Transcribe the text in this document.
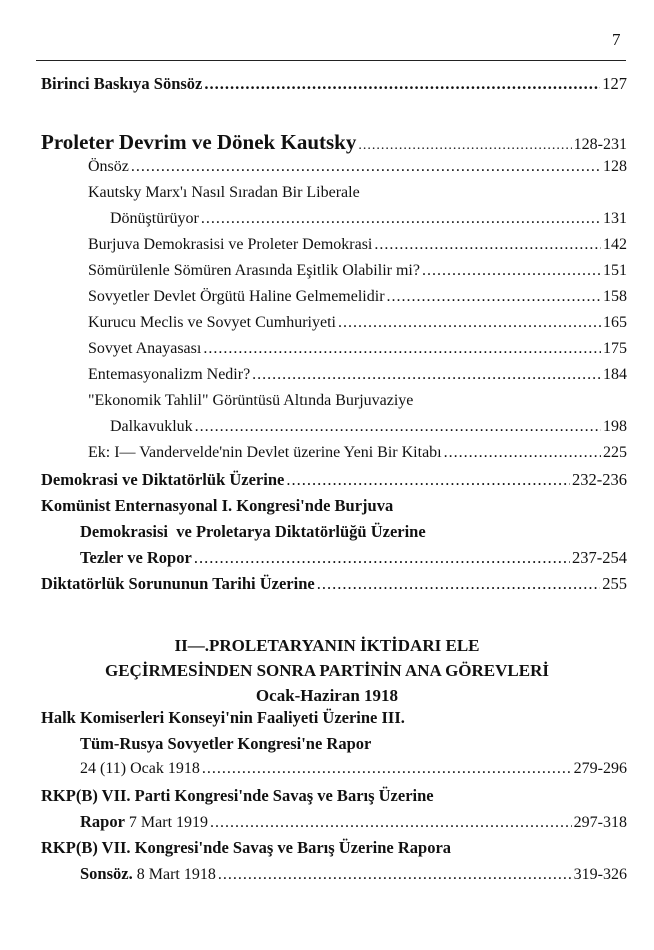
7
Birinci Baskıya Sönsöz .....	127
Proleter Devrim ve Dönek Kautsky .....	128-231
Önsöz .....	128
Kautsky Marx'ı Nasıl Sıradan Bir Liberale
Dönüştürüyor .....	131
Burjuva Demokrasisi ve Proleter Demokrasi .....	142
Sömürülenle Sömüren Arasında Eşitlik Olabilir mi? .....	151
Sovyetler Devlet Örgütü Haline Gelmemelidir .....	158
Kurucu Meclis ve Sovyet Cumhuriyeti .....	165
Sovyet Anayasası .....	175
Entemasyonalizm Nedir? .....	184
"Ekonomik Tahlil" Görüntüsü Altında Burjuvaziye
Dalkavukluk .....	198
Ek: I— Vandervelde'nin Devlet üzerine Yeni Bir Kitabı .....	225
Demokrasi ve Diktatörlük Üzerine .....	232-236
Komünist Enternasyonal I. Kongresi'nde Burjuva
Demokrasisi  ve Proletarya Diktatörlüğü Üzerine
Tezler ve Ropor .....	237-254
Diktatörlük Sorununun Tarihi Üzerine .....	255
II—.PROLETARYANIN İKTİDARI ELE
GEÇİRMESİNDEN SONRA PARTİNİN ANA GÖREVLERİ
Ocak-Haziran 1918
Halk Komiserleri Konseyi'nin Faaliyeti Üzerine III.
Tüm-Rusya Sovyetler Kongresi'ne Rapor
24 (11) Ocak 1918 .....	279-296
RKP(B) VII. Parti Kongresi'nde Savaş ve Barış Üzerine
Rapor 7 Mart 1919 .....	297-318
RKP(B) VII. Kongresi'nde Savaş ve Barış Üzerine Rapora
Sonsöz. 8 Mart 1918 .....	319-326
